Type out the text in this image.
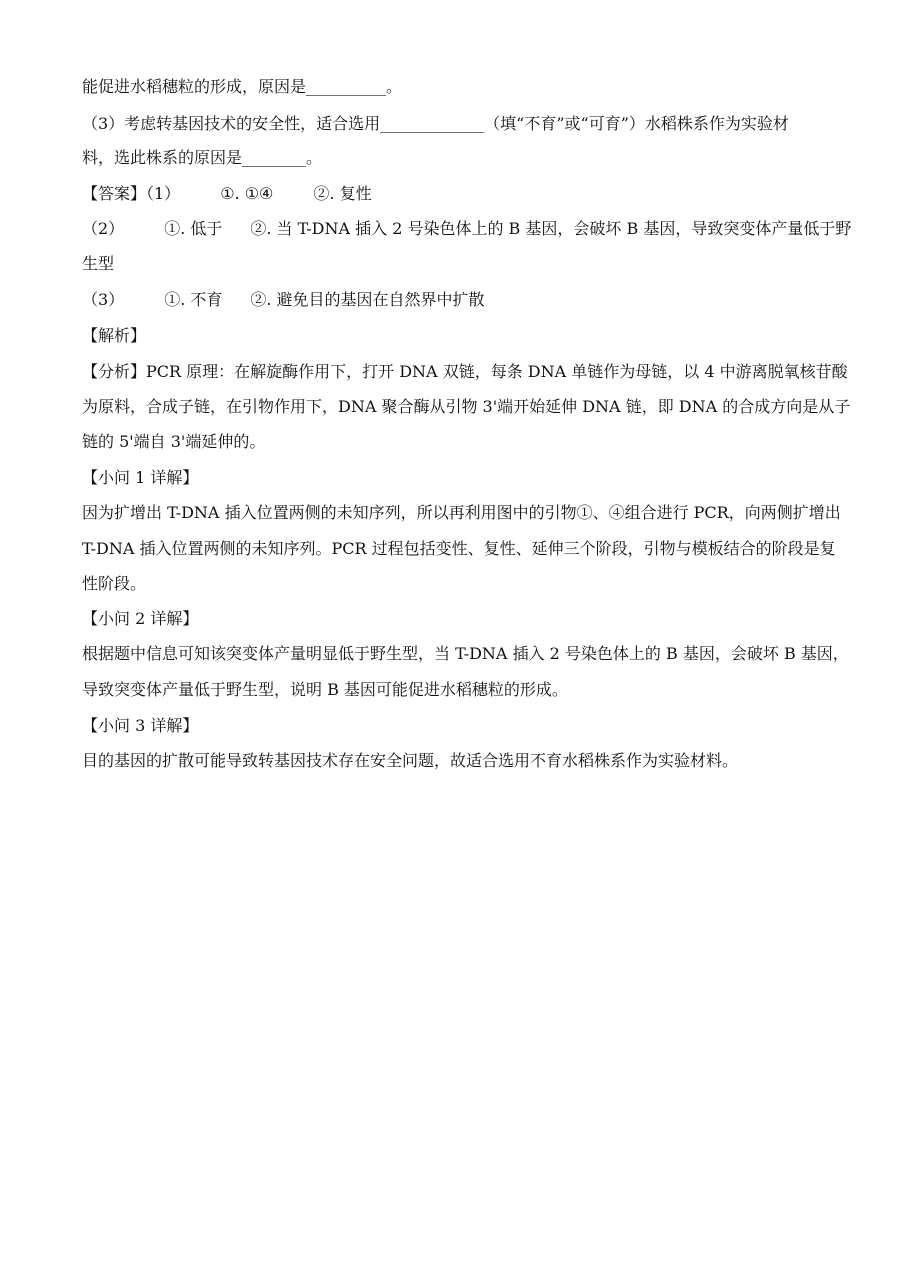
能促进水稻穗粒的形成，原因是__________。
（3）考虑转基因技术的安全性，适合选用_____________（填“不育”或“可育”）水稻株系作为实验材
料，选此株系的原因是________。
【答案】（1）	①. ①④	②. 复性
（2）	①. 低于 ②. 当 T-DNA 插入 2 号染色体上的 B 基因，会破坏 B 基因，导致突变体产量低于野
生型
（3）	①. 不育 ②. 避免目的基因在自然界中扩散
【解析】
【分析】PCR 原理：在解旋酶作用下，打开 DNA 双链，每条 DNA 单链作为母链，以 4 中游离脱氧核苷酸
为原料，合成子链，在引物作用下，DNA 聚合酶从引物 3'端开始延伸 DNA 链，即 DNA 的合成方向是从子
链的 5'端自 3'端延伸的。
【小问 1 详解】
因为扩增出 T-DNA 插入位置两侧的未知序列，所以再利用图中的引物①、④组合进行 PCR，向两侧扩增出
T-DNA 插入位置两侧的未知序列。PCR 过程包括变性、复性、延伸三个阶段，引物与模板结合的阶段是复
性阶段。
【小问 2 详解】
根据题中信息可知该突变体产量明显低于野生型，当 T-DNA 插入 2 号染色体上的 B 基因，会破坏 B 基因，
导致突变体产量低于野生型，说明 B 基因可能促进水稻穗粒的形成。
【小问 3 详解】
目的基因的扩散可能导致转基因技术存在安全问题，故适合选用不育水稻株系作为实验材料。
